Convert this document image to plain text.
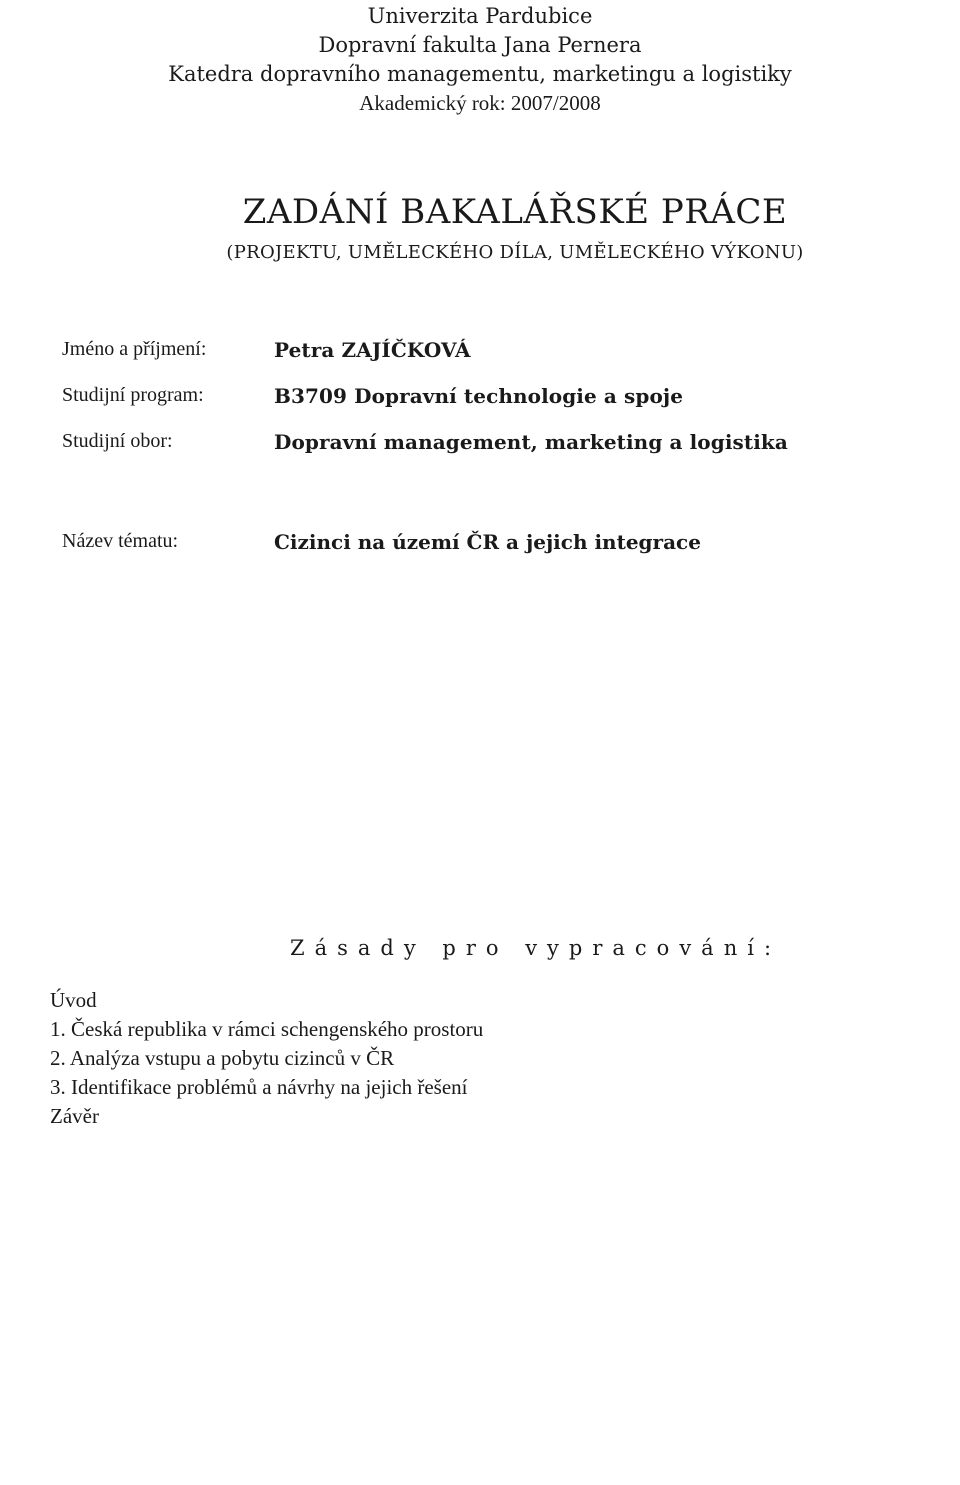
Univerzita Pardubice
Dopravní fakulta Jana Pernera
Katedra dopravního managementu, marketingu a logistiky
Akademický rok: 2007/2008
ZADÁNÍ BAKALÁŘSKÉ PRÁCE
(PROJEKTU, UMĚLECKÉHO DÍLA, UMĚLECKÉHO VÝKONU)
Jméno a příjmení:	Petra ZAJÍČKOVÁ
Studijní program:	B3709 Dopravní technologie a spoje
Studijní obor:	Dopravní management, marketing a logistika
Název tématu:	Cizinci na území ČR a jejich integrace
Zásady pro vypracování:
Úvod
1. Česká republika v rámci schengenského prostoru
2. Analýza vstupu a pobytu cizinců v ČR
3. Identifikace problémů a návrhy na jejich řešení
Závěr
